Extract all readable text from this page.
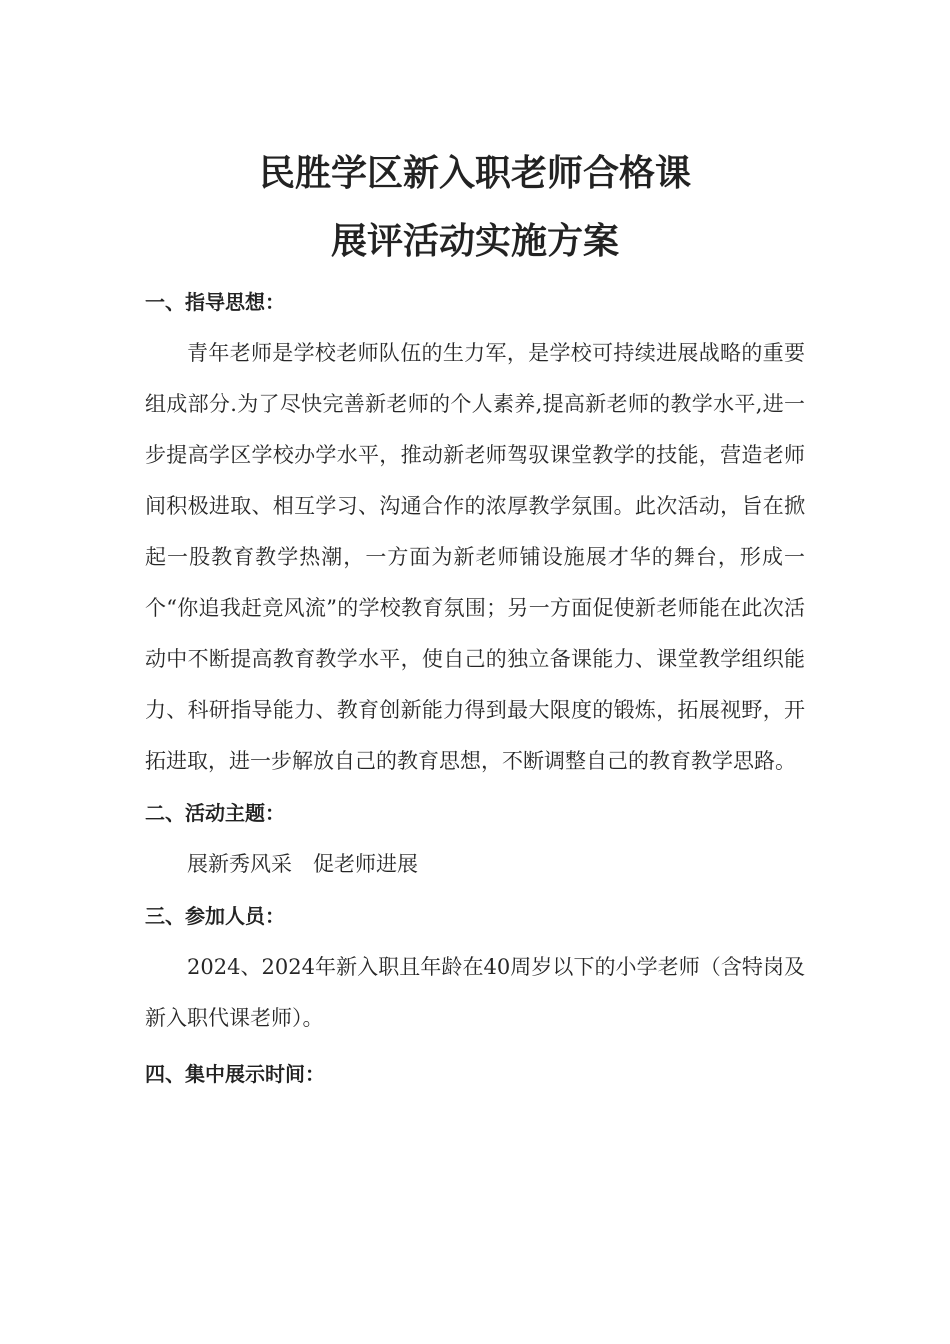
民胜学区新入职老师合格课
展评活动实施方案
一、指导思想：

青年老师是学校老师队伍的生力军，是学校可持续进展战略的重要组成部分.为了尽快完善新老师的个人素养,提高新老师的教学水平,进一步提高学区学校办学水平，推动新老师驾驭课堂教学的技能，营造老师间积极进取、相互学习、沟通合作的浓厚教学氛围。此次活动，旨在掀起一股教育教学热潮，一方面为新老师铺设施展才华的舞台，形成一个“你追我赶竞风流”的学校教育氛围；另一方面促使新老师能在此次活动中不断提高教育教学水平，使自己的独立备课能力、课堂教学组织能力、科研指导能力、教育创新能力得到最大限度的锻炼，拓展视野，开拓进取，进一步解放自己的教育思想，不断调整自己的教育教学思路。

二、活动主题：

展新秀风采　促老师进展

三、参加人员：

2024、2024年新入职且年龄在40周岁以下的小学老师（含特岗及新入职代课老师）。

四、集中展示时间：
